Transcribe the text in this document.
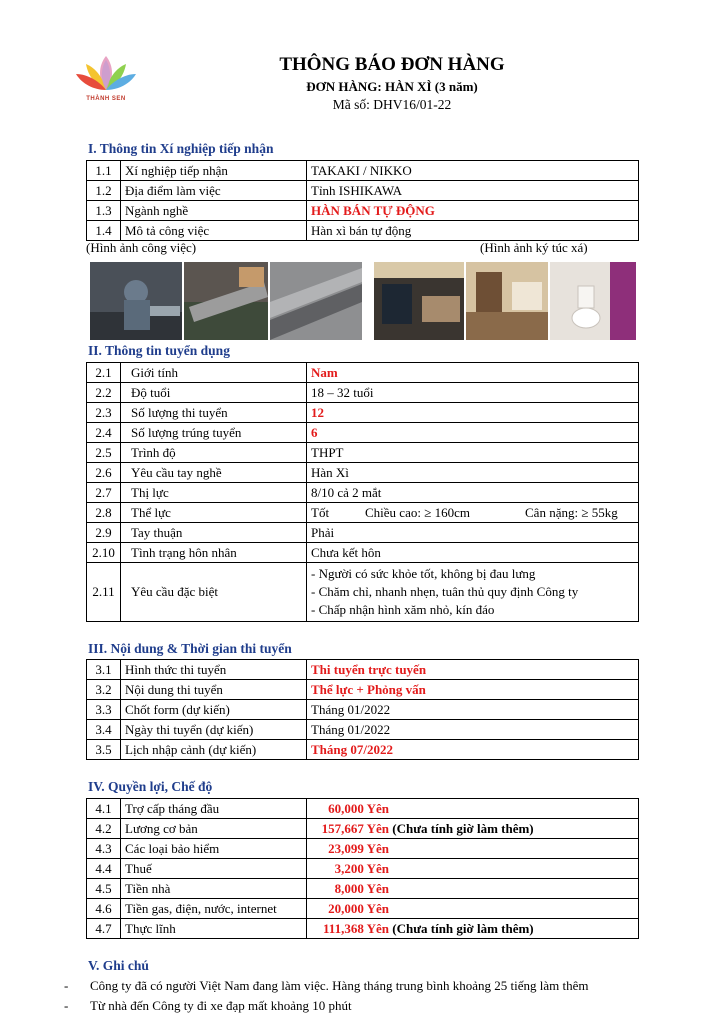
THÀNH SEN
THÔNG BÁO ĐƠN HÀNG
ĐƠN HÀNG: HÀN XÌ (3 năm)
Mã số: DHV16/01-22
I. Thông tin Xí nghiệp tiếp nhận
1.1	Xí nghiệp tiếp nhận	TAKAKI / NIKKO
1.2	Địa điểm làm việc	Tỉnh ISHIKAWA
1.3	Ngành nghề	HÀN BÁN TỰ ĐỘNG
1.4	Mô tả công việc	Hàn xì bán tự động
(Hình ảnh công việc)	(Hình ảnh ký túc xá)
II. Thông tin tuyển dụng
2.1	Giới tính	Nam
2.2	Độ tuổi	18 – 32 tuổi
2.3	Số lượng thi tuyển	12
2.4	Số lượng trúng tuyển	6
2.5	Trình độ	THPT
2.6	Yêu cầu tay nghề	Hàn Xì
2.7	Thị lực	8/10 cả 2 mắt
2.8	Thể lực	Tốt Chiều cao: ≥ 160cm Cân nặng: ≥ 55kg

2.9	Tay thuận	Phải
2.10	Tình trạng hôn nhân	Chưa kết hôn
2.11	Yêu cầu đặc biệt	- Người có sức khỏe tốt, không bị đau lưng
- Chăm chỉ, nhanh nhẹn, tuân thủ quy định Công ty
- Chấp nhận hình xăm nhỏ, kín đáo
III. Nội dung & Thời gian thi tuyển
3.1	Hình thức thi tuyển	Thi tuyển trực tuyến
3.2	Nội dung thi tuyển	Thể lực + Phỏng vấn
3.3	Chốt form (dự kiến)	Tháng 01/2022
3.4	Ngày thi tuyển (dự kiến)	Tháng 01/2022
3.5	Lịch nhập cảnh (dự kiến)	Tháng 07/2022
IV. Quyền lợi, Chế độ
4.1	Trợ cấp tháng đầu	60,000 Yên
4.2	Lương cơ bản	157,667 Yên (Chưa tính giờ làm thêm)
4.3	Các loại bảo hiểm	23,099 Yên
4.4	Thuế	3,200 Yên
4.5	Tiền nhà	8,000 Yên
4.6	Tiền gas, điện, nước, internet	20,000 Yên
4.7	Thực lĩnh	111,368 Yên (Chưa tính giờ làm thêm)
V. Ghi chú
- Công ty đã có người Việt Nam đang làm việc. Hàng tháng trung bình khoảng 25 tiếng làm thêm
- Từ nhà đến Công ty đi xe đạp mất khoảng 10 phút
